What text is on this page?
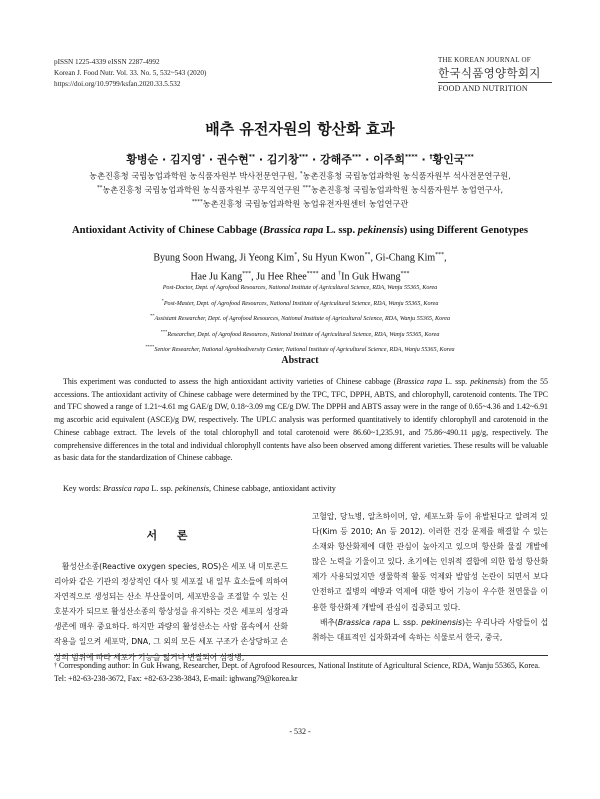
pISSN 1225-4339 eISSN 2287-4992
Korean J. Food Nutr. Vol. 33. No. 5, 532~543 (2020)
https://doi.org/10.9799/ksfan.2020.33.5.532
THE KOREAN JOURNAL OF
한국식품영양학회지
FOOD AND NUTRITION
배추 유전자원의 항산화 효과
황병순 · 김지영* · 권수현** · 김기창*** · 강해주*** · 이주희**** · †황인국***
농촌진흥청 국립농업과학원 농식품자원부 박사전문연구원, *농촌진흥청 국립농업과학원 농식품자원부 석사전문연구원,
**농촌진흥청 국립농업과학원 농식품자원부 공무직연구원 ***농촌진흥청 국립농업과학원 농식품자원부 농업연구사,
****농촌진흥청 국립농업과학원 농업유전자원센터 농업연구관
Antioxidant Activity of Chinese Cabbage (Brassica rapa L. ssp. pekinensis) using Different Genotypes
Byung Soon Hwang, Ji Yeong Kim*, Su Hyun Kwon**, Gi-Chang Kim***,
Hae Ju Kang***, Ju Hee Rhee**** and †In Guk Hwang***
Post-Doctor, Dept. of Agrofood Resources, National Institute of Agricultural Science, RDA, Wanju 55365, Korea
*Post-Master, Dept. of Agrofood Resources, National Institute of Agricultural Science, RDA, Wanju 55365, Korea
**Assistant Researcher, Dept. of Agrofood Resources, National Institute of Agricultural Science, RDA, Wanju 55365, Korea
***Researcher, Dept. of Agrofood Resources, National Institute of Agricultural Science, RDA, Wanju 55365, Korea
****Senior Researcher, National Agrobiodiversity Center, National Institute of Agricultural Science, RDA, Wanju 55365, Korea
Abstract
This experiment was conducted to assess the high antioxidant activity varieties of Chinese cabbage (Brassica rapa L. ssp. pekinensis) from the 55 accessions. The antioxidant activity of Chinese cabbage were determined by the TPC, TFC, DPPH, ABTS, and chlorophyll, carotenoid contents. The TPC and TFC showed a range of 1.21~4.61 mg GAE/g DW, 0.18~3.09 mg CE/g DW. The DPPH and ABTS assay were in the range of 0.65~4.36 and 1.42~6.91 mg ascorbic acid equivalent (ASCE)/g DW, respectively. The UPLC analysis was performed quantitatively to identify chlorophyll and carotenoid in the Chinese cabbage extract. The levels of the total chlorophyll and total carotenoid were 86.60~1,235.91, and 75.86~490.11 μg/g, respectively. The comprehensive differences in the total and individual chlorophyll contents have also been observed among different varieties. These results will be valuable as basic data for the standardization of Chinese cabbage.
Key words: Brassica rapa L. ssp. pekinensis, Chinese cabbage, antioxidant activity
서 론
활성산소종(Reactive oxygen species, ROS)은 세포 내 미토콘드리아와 같은 기관의 정상적인 대사 및 세포질 내 일부 효소들에 의하여 자연적으로 생성되는 산소 부산물이며, 세포반응을 조절할 수 있는 신호분자가 되므로 활성산소종의 항상성을 유지하는 것은 세포의 성장과 생존에 매우 중요하다. 하지만 과량의 활성산소는 사람 몸속에서 산화작용을 일으켜 세포막, DNA, 그 외의 모든 세포 구조가 손상당하고 손상의 범위에 따라 세포가 기능을 잃거나 변질되어 심장병,

고혈압, 당뇨병, 알츠하이머, 암, 세포노화 등이 유발된다고 알려져 있다(Kim 등 2010; An 등 2012). 이러한 건강 문제를 해결할 수 있는 소재와 항산화제에 대한 관심이 높아지고 있으며 항산화 물질 개발에 많은 노력을 기울이고 있다. 초기에는 인위적 결합에 의한 합성 항산화제가 사용되었지만 생물학적 활동 억제와 발암성 논란이 되면서 보다 안전하고 질병의 예방과 억제에 대한 방어 기능이 우수한 천연물을 이용한 항산화제 개발에 관심이 집중되고 있다.

배추(Brassica rapa L. ssp. pekinensis)는 우리나라 사람들이 섭취하는 대표적인 십자화과에 속하는 식물로서 한국, 중국,

† Corresponding author: In Guk Hwang, Researcher, Dept. of Agrofood Resources, National Institute of Agricultural Science, RDA, Wanju 55365, Korea. Tel: +82-63-238-3672, Fax: +82-63-238-3843, E-mail: ighwang79@korea.kr
- 532 -
